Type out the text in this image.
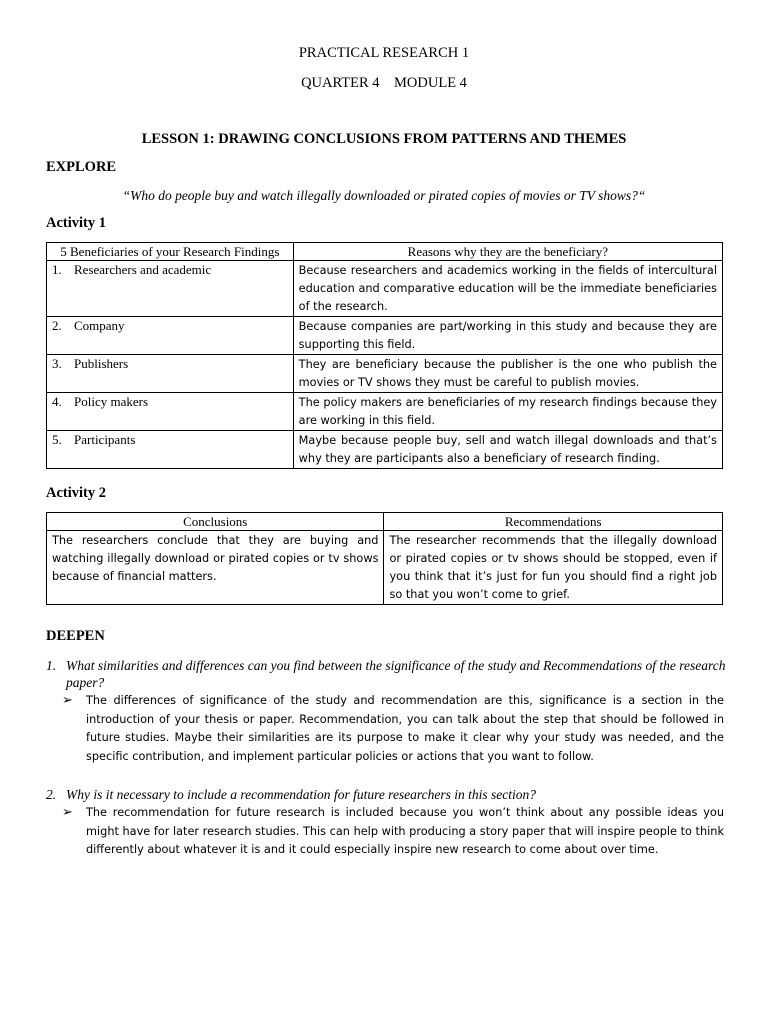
PRACTICAL RESEARCH 1
QUARTER 4    MODULE 4
LESSON 1: DRAWING CONCLUSIONS FROM PATTERNS AND THEMES
EXPLORE
“Who do people buy and watch illegally downloaded or pirated copies of movies or TV shows?“
Activity 1
5 Beneficiaries of your Research Findings	Reasons why they are the beneficiary?
1. Researchers and academic	Because researchers and academics working in the fields of intercultural education and comparative education will be the immediate beneficiaries of the research.
2. Company	Because companies are part/working in this study and because they are supporting this field.
3. Publishers	They are beneficiary because the publisher is the one who publish the movies or TV shows they must be careful to publish movies.
4. Policy makers	The policy makers are beneficiaries of my research findings because they are working in this field.
5. Participants	Maybe because people buy, sell and watch illegal downloads and that’s why they are participants also a beneficiary of research finding.
Activity 2
Conclusions	Recommendations
The researchers conclude that they are buying and watching illegally download or pirated copies or tv shows because of financial matters.	The researcher recommends that the illegally download or pirated copies or tv shows should be stopped, even if you think that it’s just for fun you should find a right job so that you won’t come to grief.
DEEPEN
1. What similarities and differences can you find between the significance of the study and Recommendations of the research paper?
➢ The differences of significance of the study and recommendation are this, significance is a section in the introduction of your thesis or paper. Recommendation, you can talk about the step that should be followed in future studies. Maybe their similarities are its purpose to make it clear why your study was needed, and the specific contribution, and implement particular policies or actions that you want to follow.
2. Why is it necessary to include a recommendation for future researchers in this section?
➢ The recommendation for future research is included because you won’t think about any possible ideas you might have for later research studies. This can help with producing a story paper that will inspire people to think differently about whatever it is and it could especially inspire new research to come about over time.
